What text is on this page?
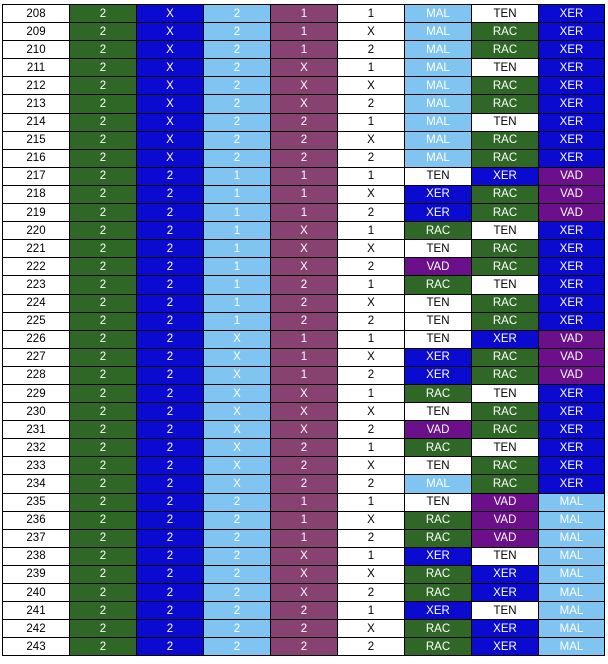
208	2	X	2	1	1	MAL	TEN	XER
209	2	X	2	1	X	MAL	RAC	XER
210	2	X	2	1	2	MAL	RAC	XER
211	2	X	2	X	1	MAL	TEN	XER
212	2	X	2	X	X	MAL	RAC	XER
213	2	X	2	X	2	MAL	RAC	XER
214	2	X	2	2	1	MAL	TEN	XER
215	2	X	2	2	X	MAL	RAC	XER
216	2	X	2	2	2	MAL	RAC	XER
217	2	2	1	1	1	TEN	XER	VAD
218	2	2	1	1	X	XER	RAC	VAD
219	2	2	1	1	2	XER	RAC	VAD
220	2	2	1	X	1	RAC	TEN	XER
221	2	2	1	X	X	TEN	RAC	XER
222	2	2	1	X	2	VAD	RAC	XER
223	2	2	1	2	1	RAC	TEN	XER
224	2	2	1	2	X	TEN	RAC	XER
225	2	2	1	2	2	TEN	RAC	XER
226	2	2	X	1	1	TEN	XER	VAD
227	2	2	X	1	X	XER	RAC	VAD
228	2	2	X	1	2	XER	RAC	VAD
229	2	2	X	X	1	RAC	TEN	XER
230	2	2	X	X	X	TEN	RAC	XER
231	2	2	X	X	2	VAD	RAC	XER
232	2	2	X	2	1	RAC	TEN	XER
233	2	2	X	2	X	TEN	RAC	XER
234	2	2	X	2	2	MAL	RAC	XER
235	2	2	2	1	1	TEN	VAD	MAL
236	2	2	2	1	X	RAC	VAD	MAL
237	2	2	2	1	2	RAC	VAD	MAL
238	2	2	2	X	1	XER	TEN	MAL
239	2	2	2	X	X	RAC	XER	MAL
240	2	2	2	X	2	RAC	XER	MAL
241	2	2	2	2	1	XER	TEN	MAL
242	2	2	2	2	X	RAC	XER	MAL
243	2	2	2	2	2	RAC	XER	MAL
